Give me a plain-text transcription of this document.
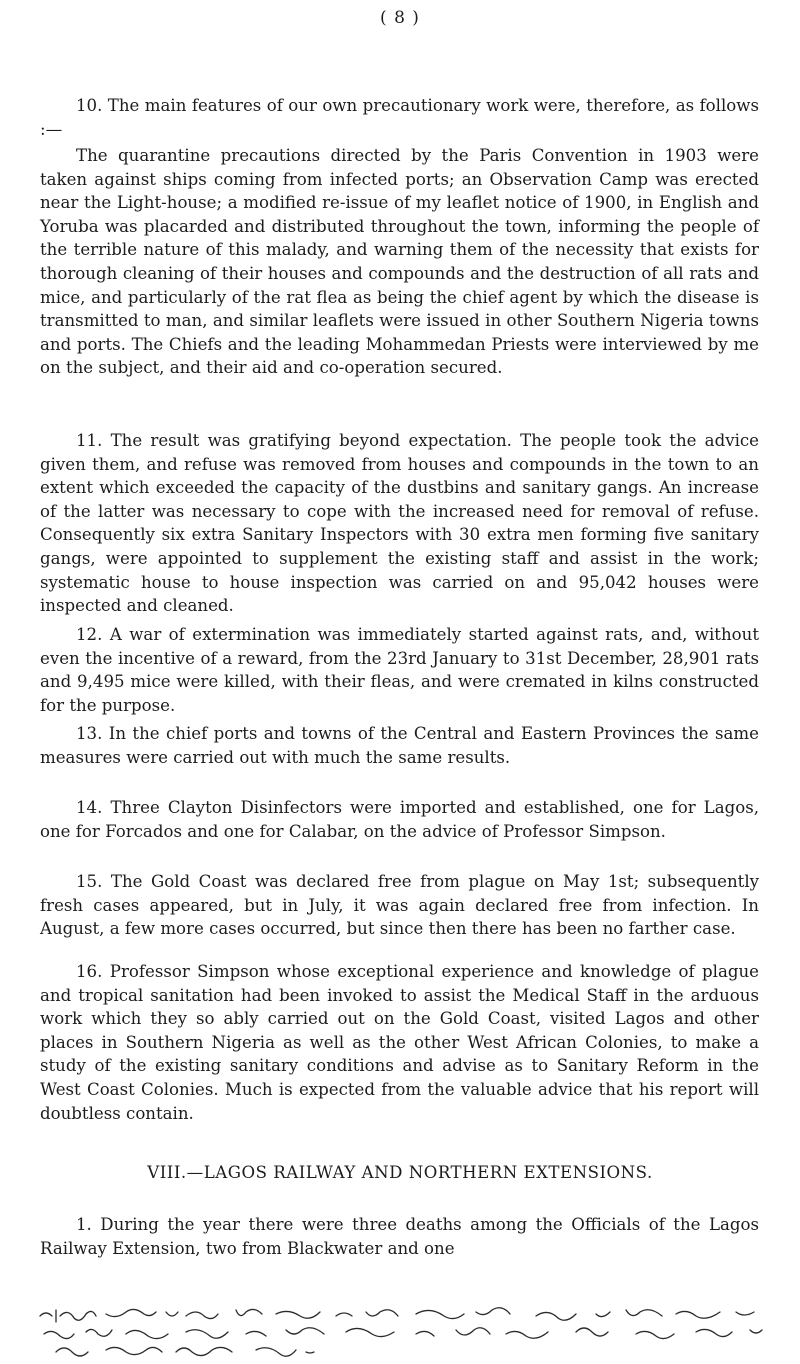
( 8 )

10. The main features of our own precautionary work were, therefore, as follows :—

The quarantine precautions directed by the Paris Convention in 1903 were taken against ships coming from infected ports; an Observation Camp was erected near the Light-house; a modified re-issue of my leaflet notice of 1900, in English and Yoruba was placarded and distributed throughout the town, informing the people of the terrible nature of this malady, and warning them of the necessity that exists for thorough cleaning of their houses and compounds and the destruction of all rats and mice, and particularly of the rat flea as being the chief agent by which the disease is transmitted to man, and similar leaflets were issued in other Southern Nigeria towns and ports. The Chiefs and the leading Mohammedan Priests were interviewed by me on the subject, and their aid and co-operation secured.

11. The result was gratifying beyond expectation. The people took the advice given them, and refuse was removed from houses and compounds in the town to an extent which exceeded the capacity of the dustbins and sanitary gangs. An increase of the latter was necessary to cope with the increased need for removal of refuse. Consequently six extra Sanitary Inspectors with 30 extra men forming five sanitary gangs, were appointed to supplement the existing staff and assist in the work; systematic house to house inspection was carried on and 95,042 houses were inspected and cleaned.

12. A war of extermination was immediately started against rats, and, without even the incentive of a reward, from the 23rd January to 31st December, 28,901 rats and 9,495 mice were killed, with their fleas, and were cremated in kilns constructed for the purpose.

13. In the chief ports and towns of the Central and Eastern Provinces the same measures were carried out with much the same results.

14. Three Clayton Disinfectors were imported and established, one for Lagos, one for Forcados and one for Calabar, on the advice of Professor Simpson.

15. The Gold Coast was declared free from plague on May 1st; subsequently fresh cases appeared, but in July, it was again declared free from infection. In August, a few more cases occurred, but since then there has been no farther case.

VIII.—LAGOS RAILWAY AND NORTHERN EXTENSIONS.

16. Professor Simpson whose exceptional experience and knowledge of plague and tropical sanitation had been invoked to assist the Medical Staff in the arduous work which they so ably carried out on the Gold Coast, visited Lagos and other places in Southern Nigeria as well as the other West African Colonies, to make a study of the existing sanitary conditions and advise as to Sanitary Reform in the West Coast Colonies. Much is expected from the valuable advice that his report will doubtless contain.

1. During the year there were three deaths among the Officials of the Lagos Railway Extension, two from Blackwater and one
